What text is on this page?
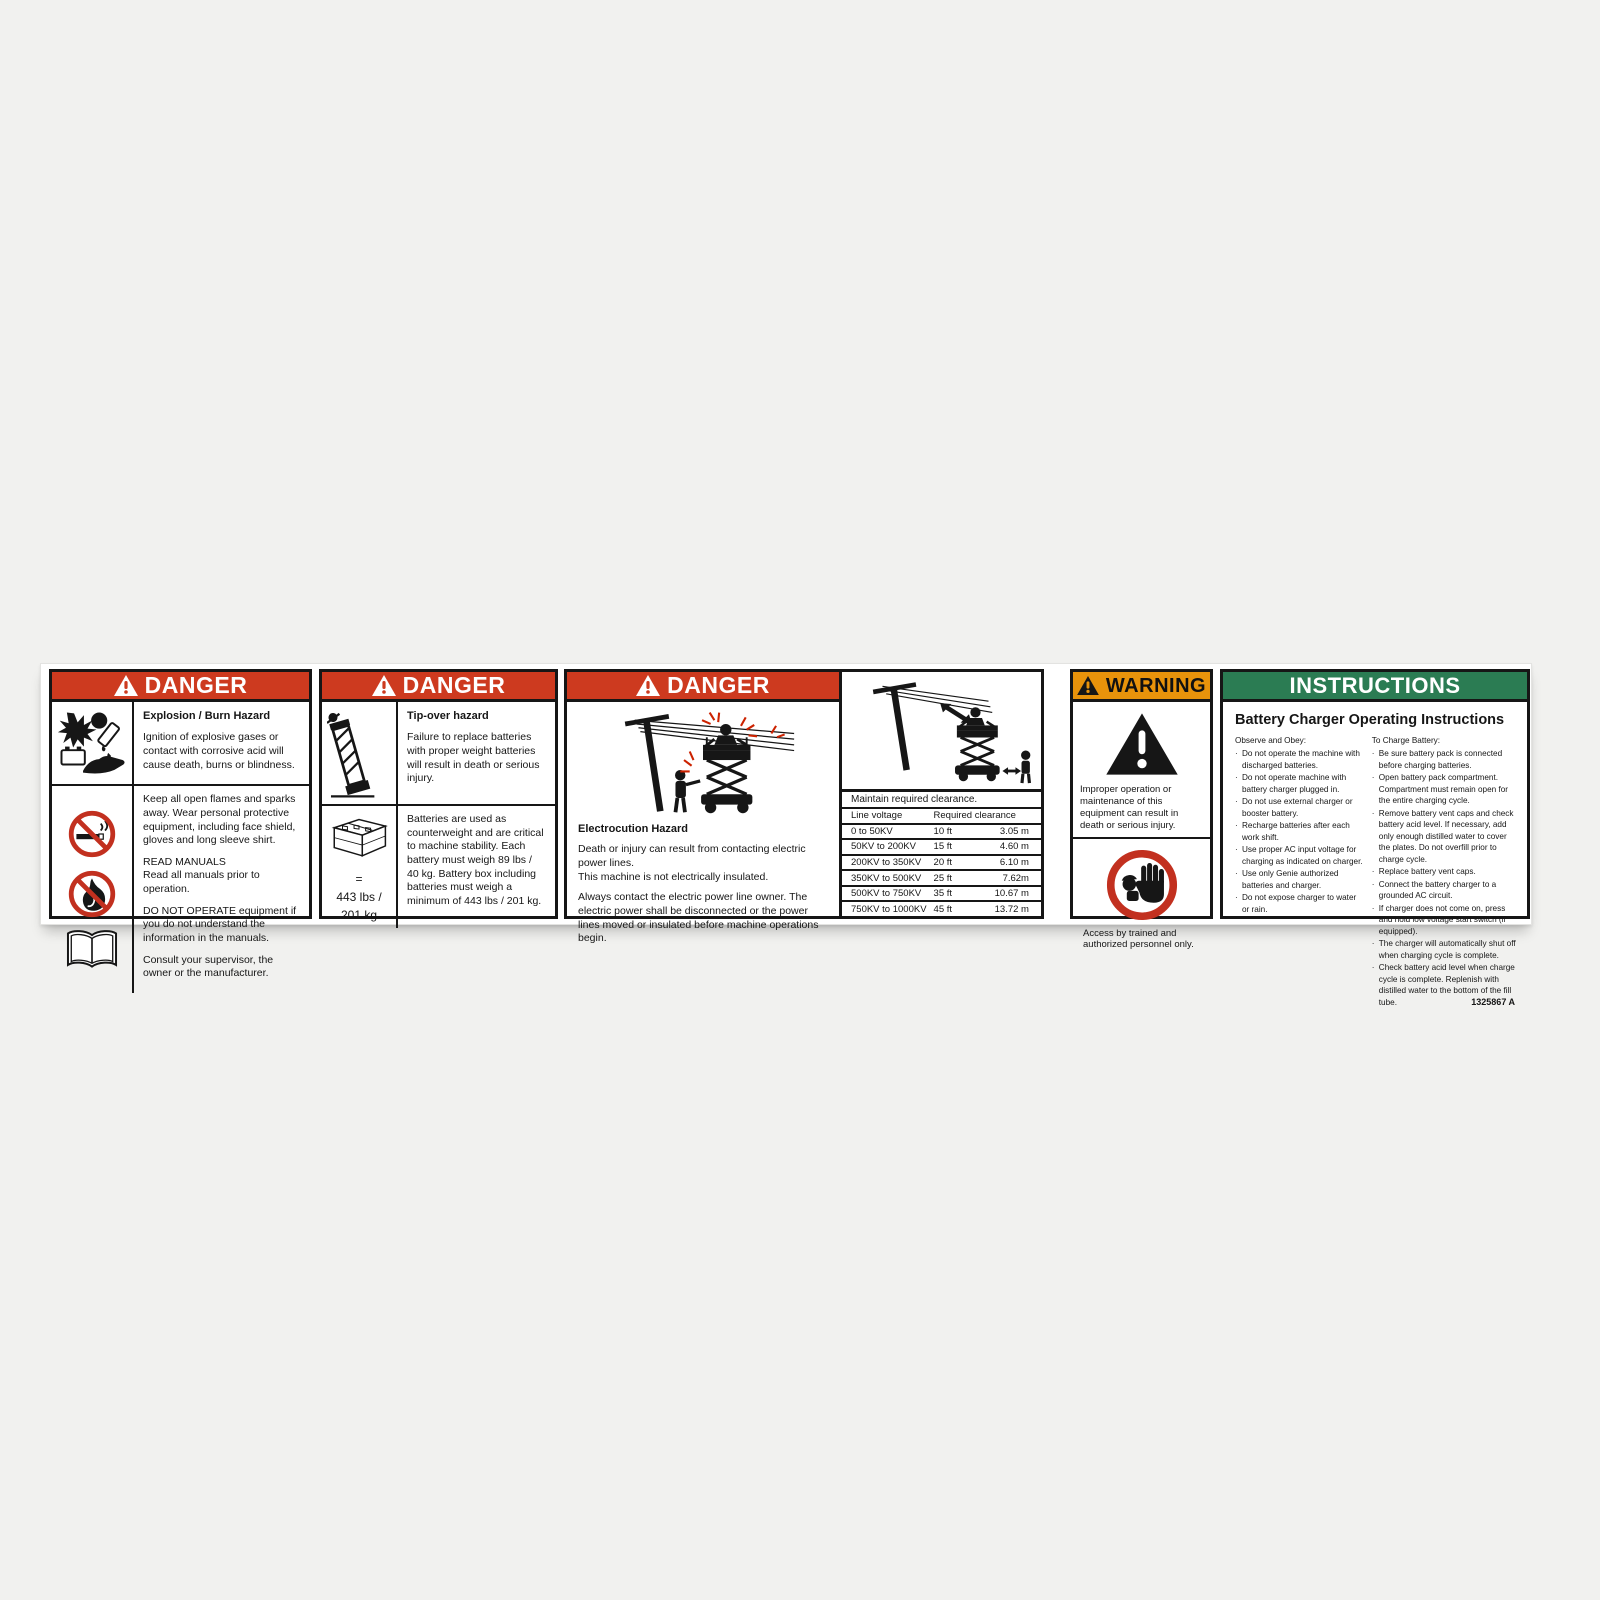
DANGER

Explosion / Burn Hazard

Ignition of explosive gases or contact with corrosive acid will cause death, burns or blindness.

Keep all open flames and sparks away. Wear personal protective equipment, including face shield, gloves and long sleeve shirt.

READ MANUALS

Read all manuals prior to operation.

DO NOT OPERATE equipment if you do not understand the information in the manuals.

Consult your supervisor, the owner or the manufacturer.

DANGER

Tip-over hazard

Failure to replace batteries with proper weight batteries will result in death or serious injury.

=
443 lbs /
201 kg

Batteries are used as counterweight and are critical to machine stability. Each battery must weigh 89 lbs / 40 kg. Battery box including batteries must weigh a minimum of 443 lbs / 201 kg.

DANGER

Electrocution Hazard

Death or injury can result from contacting electric power lines.

This machine is not electrically insulated.

Always contact the electric power line owner. The electric power shall be disconnected or the power lines moved or insulated before machine operations begin.

Maintain required clearance.
Line voltage	Required clearance
0 to 50KV	10 ft	3.05 m
50KV to 200KV	15 ft	4.60 m
200KV to 350KV	20 ft	6.10 m
350KV to 500KV	25 ft	7.62m
500KV to 750KV	35 ft	10.67 m
750KV to 1000KV 45 ft	13.72 m
WARNING
Improper operation or maintenance of this equipment can result in death or serious injury.
Access by trained and authorized personnel only.
INSTRUCTIONS
Battery Charger Operating Instructions

Observe and Obey:

· Do not operate the machine with discharged batteries.
· Do not operate machine with battery charger plugged in.
· Do not use external charger or booster battery.
· Recharge batteries after each work shift.
· Use proper AC input voltage for charging as indicated on charger.
· Use only Genie authorized batteries and charger.
· Do not expose charger to water or rain.

To Charge Battery:

· Be sure battery pack is connected before charging batteries.
· Open battery pack compartment. Compartment must remain open for the entire charging cycle.
· Remove battery vent caps and check battery acid level. If necessary, add only enough distilled water to cover the plates. Do not overfill prior to charge cycle.
· Replace battery vent caps.
· Connect the battery charger to a grounded AC circuit.
· If charger does not come on, press and hold low voltage start switch (if equipped).
· The charger will automatically shut off when charging cycle is complete.
· Check battery acid level when charge cycle is complete. Replenish with distilled water to the bottom of the fill tube.	1325867 A
